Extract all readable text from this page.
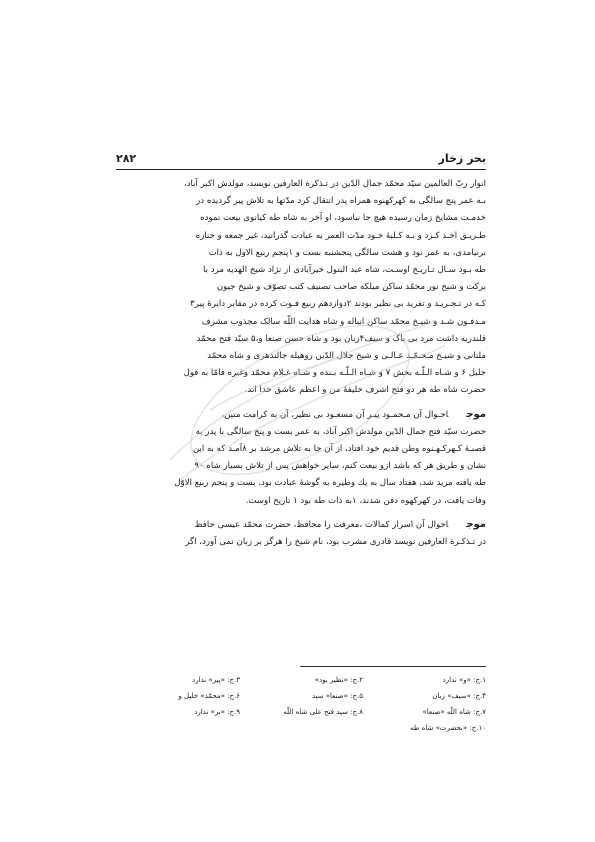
بحر زخار
۲۸۲
انوار ربّ العالمین سیّد محمّد جمال الدّین در تـذکرة العارفین نویسد، مولدش اکبر آباد،
بـه عمر پنج سالگی به کهرکهنوه همراه پدر انتقال کرد مدّتها به تلاش پیر گردیده در
خدمـت مشایخ زمان رسیده هیچ جا نیاسود، او آخر به شاه طه کیانوی بیعت نموده
طـریـق اخـذ کـرد و بـه کـلبهٔ خـود مدّت العمر به عبادت گذرانید، غیر جمعه و جنازه
برنیامدی، به عمر نود و هشت سالگی پنجشنبه بست و ۱پنجم ربیع الاول به ذات
طه بـود سـال تـاریـخ اوسـت، شاه عبد البتول خیرآبادی از نژاد شیخ الهدیه مرد با
برکت و شیخ نور محمّد ساکن میلکه صاحب تصنیف کتب تصوّف و شیخ جیون
کـه در تـجـریـد و تفرید بی نظیر بودند ۲دوازدهم ربیع فـوت کرده در مقابر دایرهٔ پیر۳
مـدفـون شـد و شیـخ محمّد ساکن انباله و شاه هدایت اللّه سالک مجذوب مشرف
قلندریه داشت مرد بی باک و سیف۴زبان بود و شاه حسن صنعا و،۵ سیّد فتح محمّد
ملتانی و شیـخ مـحـمّـد عـالـی و شیخ جلال الدّین روهیله جالندهری و شاه محمّد
جلیل ۶ و شـاه الـلّـه بخش ۷ و شـاه الـلّـه بـنده و شـاه غـلام محمّد وغیره فامّا به قول
حضرت شاه طه هر دو فتح اشرف خلیفهٔ من و اعظم عاشق خدا اند.
موجاحـوال آن مـحمـود پیـر آن مسعـود بی نظیر، آن به کرامت متین،
حضرت سیّد فتح جمال الدّین مولدش اکبر آباد، به عمر بست و پنج سالگی با پدر به
قصبـهٔ کـهرکـهـنوه وطن قدیم خود افتاد، از آن جا به تلاش مرشد بر ۸آمـد که به این
نشان و طریق هر که باشد ازو بیعت کنم، سایر خواهش پس از تلاش بسیار شاه ۹۰
طه یافته مرید شد، هفتاد سال به یك وطیره به گوشهٔ عبادت بود، بست و پنجم ربیع الاوّل
وفات یافت، در کهرکهوه دفن شدند، ۱به ذات طه بود ۱ تاریخ اوست.
موجاحوال آن اسرار کمالات ،معرفت را محافظ، حضرت محمّد عیسی حافظ
در تـذکـرة العارفین نویسد قادری مشرب بود، نام شیخ را هرگز بر زبان نمی آورد، اگر
۱.ج: «و» ندارد
۲.ج: «نظیر بود»
۳.ج: «پیر» ندارد
۴.ج: «سیف» زبان
۵.ج: «صنعا» سید
۶.ج: «محمّد» خلیل و
۷.ج: شاه اللّه «صنعا»
۸.ج: سید فتح علی شاه اللّه
۹.ج: «بر» ندارد
۱۰.ج: «بحضرت» شاه طه
